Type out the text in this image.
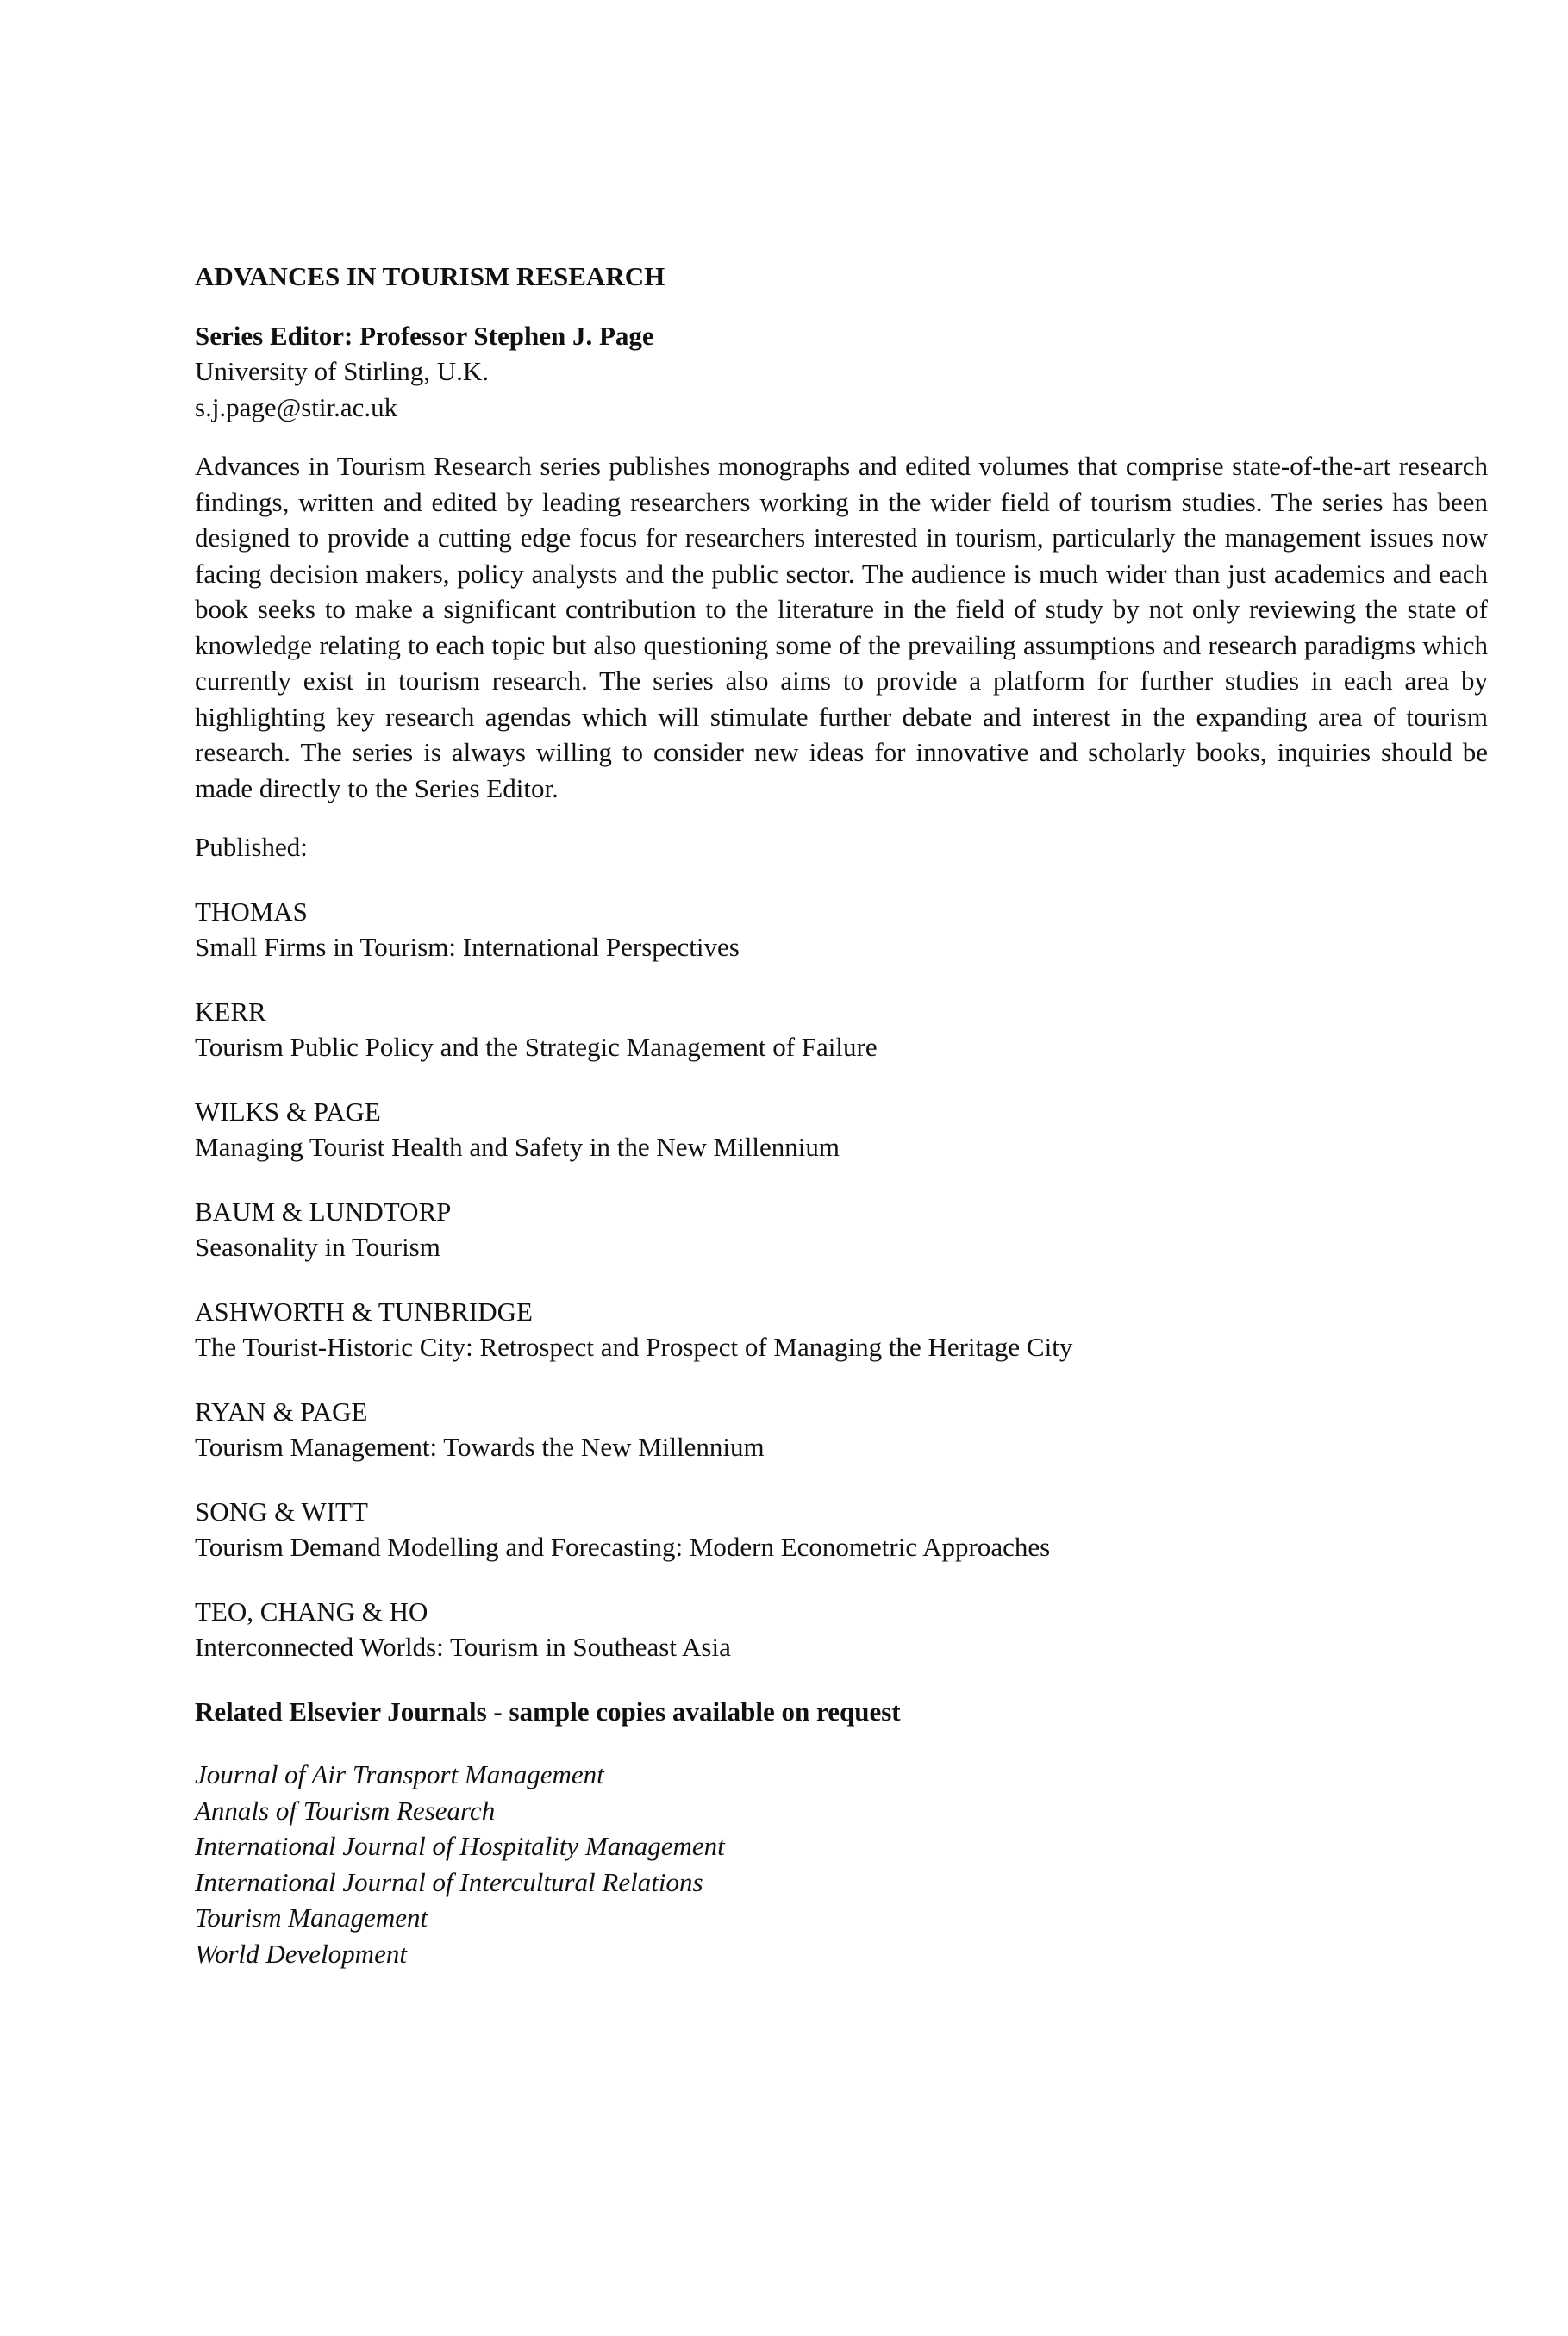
ADVANCES IN TOURISM RESEARCH
Series Editor: Professor Stephen J. Page
University of Stirling, U.K.
s.j.page@stir.ac.uk

Advances in Tourism Research series publishes monographs and edited volumes that comprise state-of-the-art research findings, written and edited by leading researchers working in the wider field of tourism studies. The series has been designed to provide a cutting edge focus for researchers interested in tourism, particularly the management issues now facing decision makers, policy analysts and the public sector. The audience is much wider than just academics and each book seeks to make a significant contribution to the literature in the field of study by not only reviewing the state of knowledge relating to each topic but also questioning some of the prevailing assumptions and research paradigms which currently exist in tourism research. The series also aims to provide a platform for further studies in each area by highlighting key research agendas which will stimulate further debate and interest in the expanding area of tourism research. The series is always willing to consider new ideas for innovative and scholarly books, inquiries should be made directly to the Series Editor.

Published:
THOMAS
Small Firms in Tourism: International Perspectives
KERR
Tourism Public Policy and the Strategic Management of Failure
WILKS & PAGE
Managing Tourist Health and Safety in the New Millennium
BAUM & LUNDTORP
Seasonality in Tourism
ASHWORTH & TUNBRIDGE
The Tourist-Historic City: Retrospect and Prospect of Managing the Heritage City
RYAN & PAGE
Tourism Management: Towards the New Millennium
SONG & WITT
Tourism Demand Modelling and Forecasting: Modern Econometric Approaches
TEO, CHANG & HO
Interconnected Worlds: Tourism in Southeast Asia
Related Elsevier Journals - sample copies available on request
Journal of Air Transport Management
Annals of Tourism Research
International Journal of Hospitality Management
International Journal of Intercultural Relations
Tourism Management
World Development
